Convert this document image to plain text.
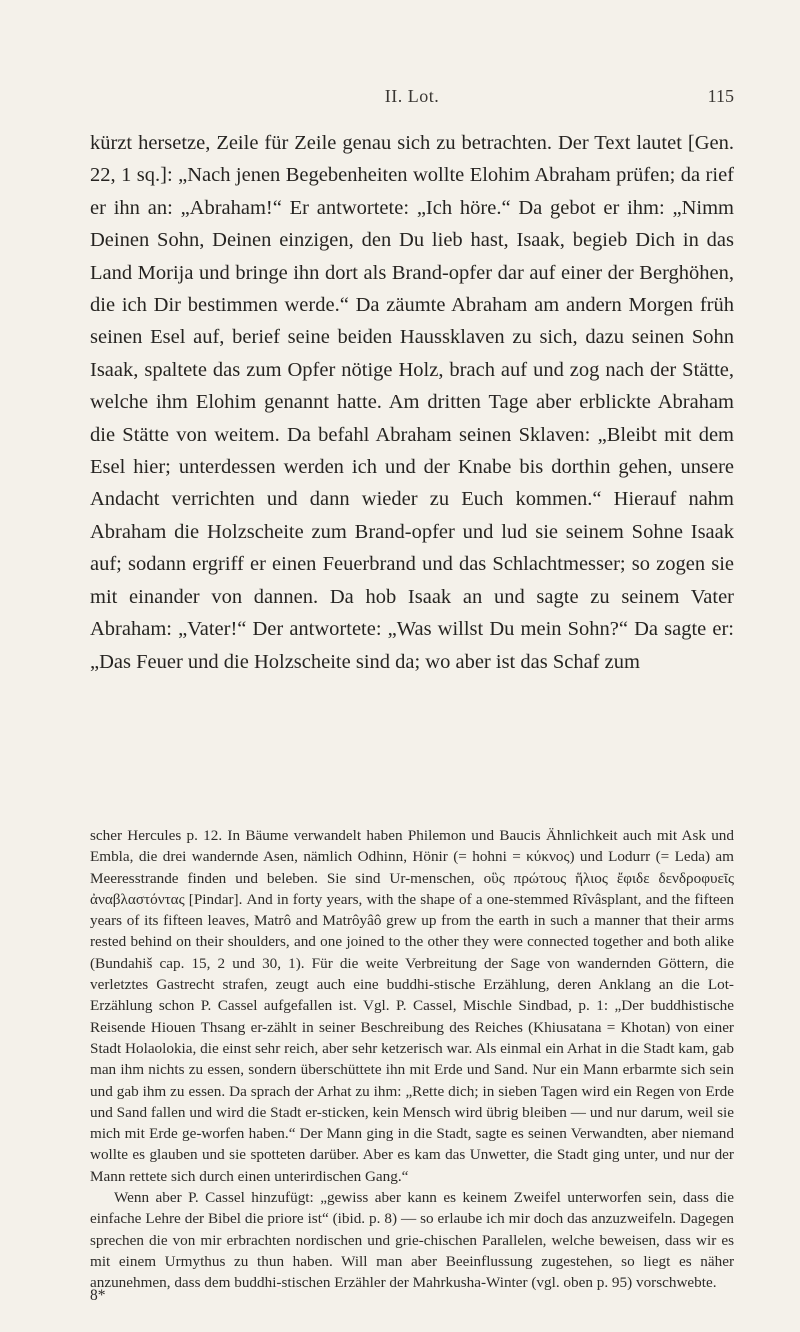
II. Lot.	115

kürzt hersetze, Zeile für Zeile genau sich zu betrachten. Der Text lautet [Gen. 22, 1 sq.]: „Nach jenen Begebenheiten wollte Elohim Abraham prüfen; da rief er ihn an: „Abraham!“ Er antwortete: „Ich höre.“ Da gebot er ihm: „Nimm Deinen Sohn, Deinen einzigen, den Du lieb hast, Isaak, begieb Dich in das Land Morija und bringe ihn dort als Brand-opfer dar auf einer der Berghöhen, die ich Dir bestimmen werde.“ Da zäumte Abraham am andern Morgen früh seinen Esel auf, berief seine beiden Haussklaven zu sich, dazu seinen Sohn Isaak, spaltete das zum Opfer nötige Holz, brach auf und zog nach der Stätte, welche ihm Elohim genannt hatte. Am dritten Tage aber erblickte Abraham die Stätte von weitem. Da befahl Abraham seinen Sklaven: „Bleibt mit dem Esel hier; unterdessen werden ich und der Knabe bis dorthin gehen, unsere Andacht verrichten und dann wieder zu Euch kommen.“ Hierauf nahm Abraham die Holzscheite zum Brand-opfer und lud sie seinem Sohne Isaak auf; sodann ergriff er einen Feuerbrand und das Schlachtmesser; so zogen sie mit einander von dannen. Da hob Isaak an und sagte zu seinem Vater Abraham: „Vater!“ Der antwortete: „Was willst Du mein Sohn?“ Da sagte er: „Das Feuer und die Holzscheite sind da; wo aber ist das Schaf zum

scher Hercules p. 12. In Bäume verwandelt haben Philemon und Baucis Ähnlichkeit auch mit Ask und Embla, die drei wandernde Asen, nämlich Odhinn, Hönir (= hohni = κύκνος) und Lodurr (= Leda) am Meeresstrande finden und beleben. Sie sind Ur-menschen, οὓς πρώτους ἥλιος ἔφιδε δενδροφυεῖς ἀναβλαστόντας [Pindar]. And in forty years, with the shape of a one-stemmed Rîvâsplant, and the fifteen years of its fifteen leaves, Matrô and Matrôyâô grew up from the earth in such a manner that their arms rested behind on their shoulders, and one joined to the other they were connected together and both alike (Bundahiš cap. 15, 2 und 30, 1). Für die weite Verbreitung der Sage von wandernden Göttern, die verletztes Gastrecht strafen, zeugt auch eine buddhi-stische Erzählung, deren Anklang an die Lot-Erzählung schon P. Cassel aufgefallen ist. Vgl. P. Cassel, Mischle Sindbad, p. 1: „Der buddhistische Reisende Hiouen Thsang er-zählt in seiner Beschreibung des Reiches (Khiusatana = Khotan) von einer Stadt Holaolokia, die einst sehr reich, aber sehr ketzerisch war. Als einmal ein Arhat in die Stadt kam, gab man ihm nichts zu essen, sondern überschüttete ihn mit Erde und Sand. Nur ein Mann erbarmte sich sein und gab ihm zu essen. Da sprach der Arhat zu ihm: „Rette dich; in sieben Tagen wird ein Regen von Erde und Sand fallen und wird die Stadt er-sticken, kein Mensch wird übrig bleiben — und nur darum, weil sie mich mit Erde ge-worfen haben.“ Der Mann ging in die Stadt, sagte es seinen Verwandten, aber niemand wollte es glauben und sie spotteten darüber. Aber es kam das Unwetter, die Stadt ging unter, und nur der Mann rettete sich durch einen unterirdischen Gang.“

Wenn aber P. Cassel hinzufügt: „gewiss aber kann es keinem Zweifel unterworfen sein, dass die einfache Lehre der Bibel die priore ist“ (ibid. p. 8) — so erlaube ich mir doch das anzuzweifeln. Dagegen sprechen die von mir erbrachten nordischen und grie-chischen Parallelen, welche beweisen, dass wir es mit einem Urmythus zu thun haben. Will man aber Beeinflussung zugestehen, so liegt es näher anzunehmen, dass dem buddhi-stischen Erzähler der Mahrkusha-Winter (vgl. oben p. 95) vorschwebte.

8*
